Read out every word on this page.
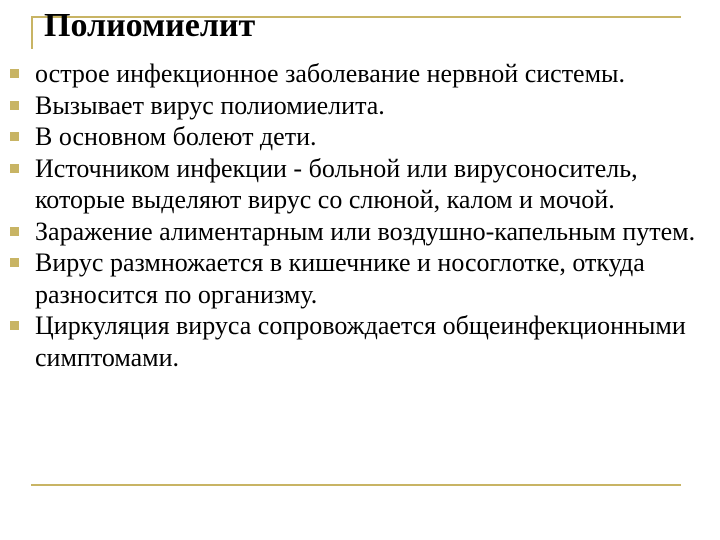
Полиомиелит
острое инфекционное заболевание нервной системы.
Вызывает вирус полиомиелита.
В основном болеют дети.
Источником инфекции - больной или вирусоноситель, которые выделяют вирус со слюной, калом и мочой.
Заражение алиментарным или воздушно-капельным путем.
Вирус размножается в кишечнике и носоглотке, откуда разносится по организму.
Циркуляция вируса сопровождается общеинфекционными симптомами.
